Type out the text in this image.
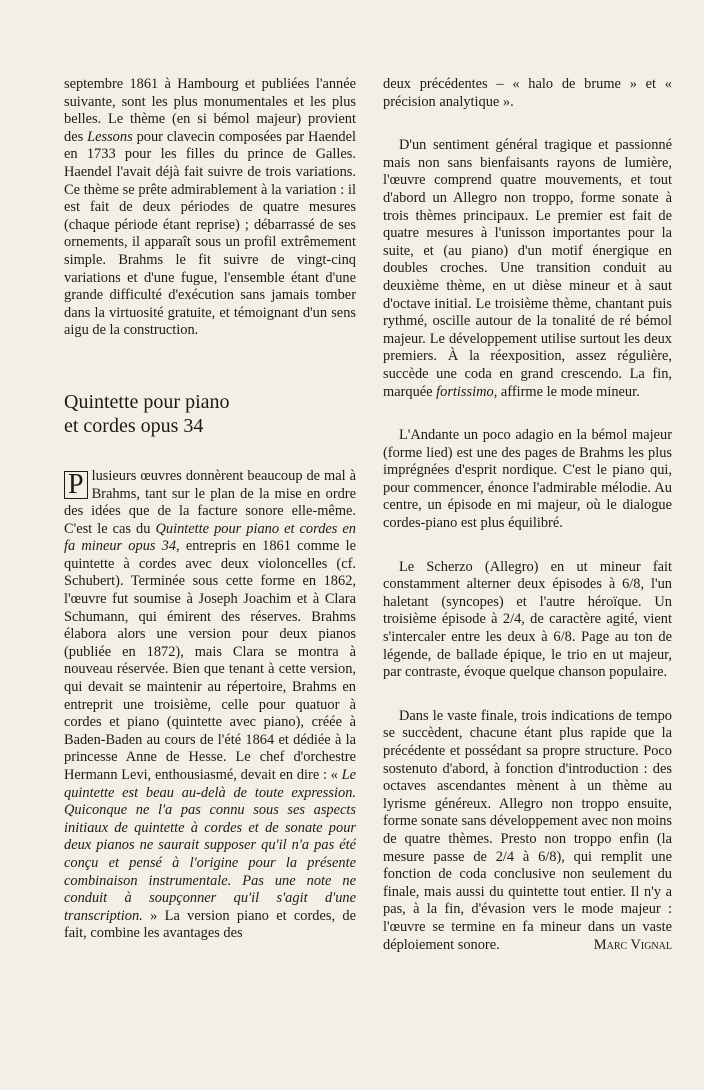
septembre 1861 à Hambourg et publiées l'année suivante, sont les plus monumentales et les plus belles. Le thème (en si bémol majeur) provient des Lessons pour clavecin composées par Haendel en 1733 pour les filles du prince de Galles. Haendel l'avait déjà fait suivre de trois variations. Ce thème se prête admirablement à la variation : il est fait de deux périodes de quatre mesures (chaque période étant reprise) ; débarrassé de ses ornements, il apparaît sous un profil extrêmement simple. Brahms le fit suivre de vingt-cinq variations et d'une fugue, l'ensemble étant d'une grande difficulté d'exécution sans jamais tomber dans la virtuosité gratuite, et témoignant d'un sens aigu de la construction.

Quintette pour piano
et cordes opus 34

P lusieurs œuvres donnèrent beaucoup de mal à Brahms, tant sur le plan de la mise en ordre des idées que de la facture sonore elle-même. C'est le cas du Quintette pour piano et cordes en fa mineur opus 34, entrepris en 1861 comme le quintette à cordes avec deux violoncelles (cf. Schubert). Terminée sous cette forme en 1862, l'œuvre fut soumise à Joseph Joachim et à Clara Schumann, qui émirent des réserves. Brahms élabora alors une version pour deux pianos (publiée en 1872), mais Clara se montra à nouveau réservée. Bien que tenant à cette version, qui devait se maintenir au répertoire, Brahms en entreprit une troisième, celle pour quatuor à cordes et piano (quintette avec piano), créée à Baden-Baden au cours de l'été 1864 et dédiée à la princesse Anne de Hesse. Le chef d'orchestre Hermann Levi, enthousiasmé, devait en dire : « Le quintette est beau au-delà de toute expression. Quiconque ne l'a pas connu sous ses aspects initiaux de quintette à cordes et de sonate pour deux pianos ne saurait supposer qu'il n'a pas été conçu et pensé à l'origine pour la présente combinaison instrumentale. Pas une note ne conduit à soupçonner qu'il s'agit d'une transcription. » La version piano et cordes, de fait, combine les avantages des

deux précédentes – « halo de brume » et « précision analytique ».

D'un sentiment général tragique et passionné mais non sans bienfaisants rayons de lumière, l'œuvre comprend quatre mouvements, et tout d'abord un Allegro non troppo, forme sonate à trois thèmes principaux. Le premier est fait de quatre mesures à l'unisson importantes pour la suite, et (au piano) d'un motif énergique en doubles croches. Une transition conduit au deuxième thème, en ut dièse mineur et à saut d'octave initial. Le troisième thème, chantant puis rythmé, oscille autour de la tonalité de ré bémol majeur. Le développement utilise surtout les deux premiers. À la réexposition, assez régulière, succède une coda en grand crescendo. La fin, marquée fortissimo, affirme le mode mineur.

L'Andante un poco adagio en la bémol majeur (forme lied) est une des pages de Brahms les plus imprégnées d'esprit nordique. C'est le piano qui, pour commencer, énonce l'admirable mélodie. Au centre, un épisode en mi majeur, où le dialogue cordes-piano est plus équilibré.

Le Scherzo (Allegro) en ut mineur fait constamment alterner deux épisodes à 6/8, l'un haletant (syncopes) et l'autre héroïque. Un troisième épisode à 2/4, de caractère agité, vient s'intercaler entre les deux à 6/8. Page au ton de légende, de ballade épique, le trio en ut majeur, par contraste, évoque quelque chanson populaire.

Dans le vaste finale, trois indications de tempo se succèdent, chacune étant plus rapide que la précédente et possédant sa propre structure. Poco sostenuto d'abord, à fonction d'introduction : des octaves ascendantes mènent à un thème au lyrisme généreux. Allegro non troppo ensuite, forme sonate sans développement avec non moins de quatre thèmes. Presto non troppo enfin (la mesure passe de 2/4 à 6/8), qui remplit une fonction de coda conclusive non seulement du finale, mais aussi du quintette tout entier. Il n'y a pas, à la fin, d'évasion vers le mode majeur : l'œuvre se termine en fa mineur dans un vaste déploiement sonore.	Marc Vignal
